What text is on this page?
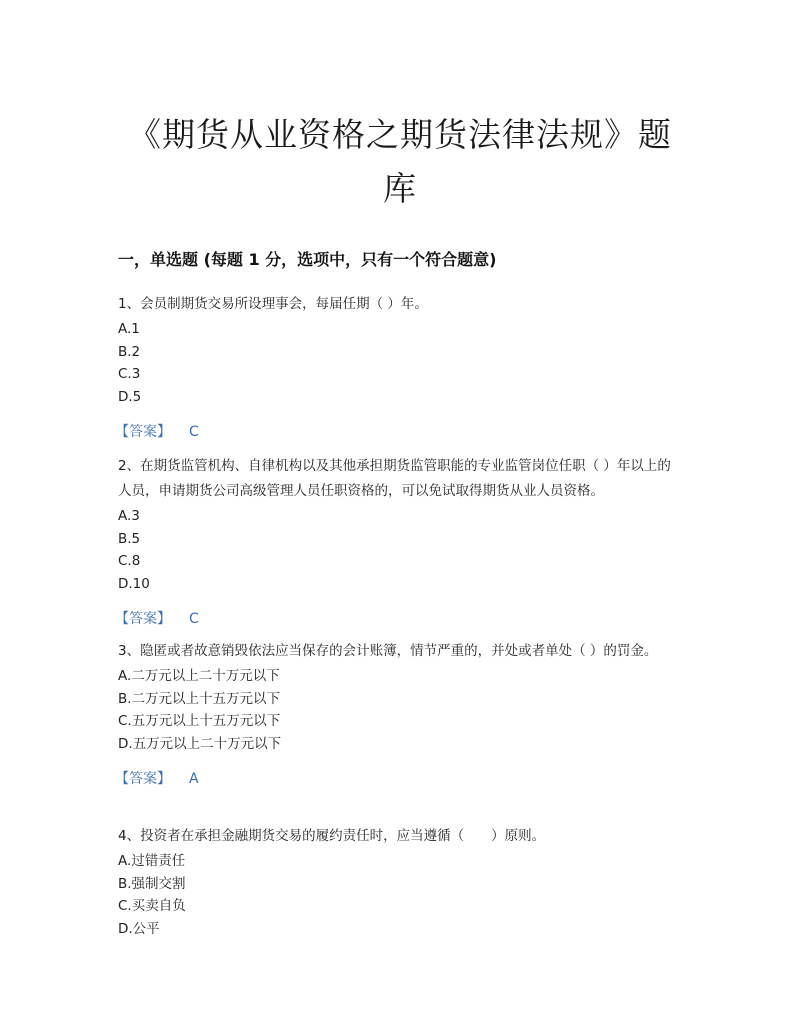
《期货从业资格之期货法律法规》题
库
一，单选题 (每题 1 分，选项中，只有一个符合题意)

1、会员制期货交易所设理事会，每届任期（ ）年。

A.1
B.2
C.3
D.5
【答案】 C

2、在期货监管机构、自律机构以及其他承担期货监管职能的专业监管岗位任职（ ）年以上的人员，申请期货公司高级管理人员任职资格的，可以免试取得期货从业人员资格。

A.3
B.5
C.8
D.10
【答案】 C

3、隐匿或者故意销毁依法应当保存的会计账簿，情节严重的，并处或者单处（ ）的罚金。

A.二万元以上二十万元以下
B.二万元以上十五万元以下
C.五万元以上十五万元以下
D.五万元以上二十万元以下
【答案】 A

4、投资者在承担金融期货交易的履约责任时，应当遵循（　　）原则。

A.过错责任
B.强制交割
C.买卖自负
D.公平
